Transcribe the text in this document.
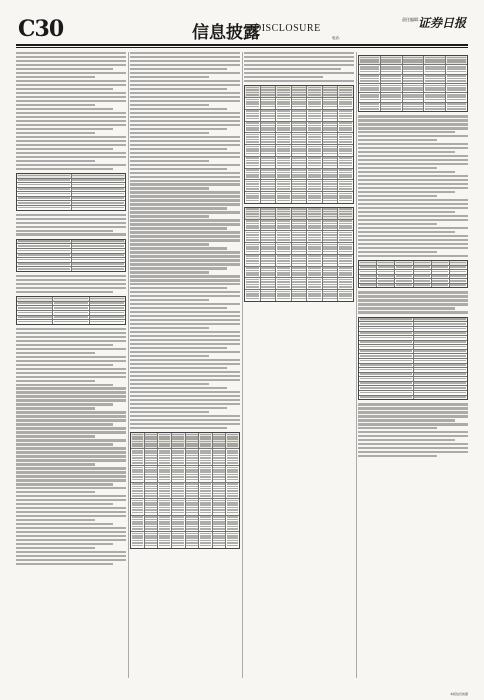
C30	信息披露
DISCLOSURE
责任编辑：
电话：
证券日报
本版信息披露
